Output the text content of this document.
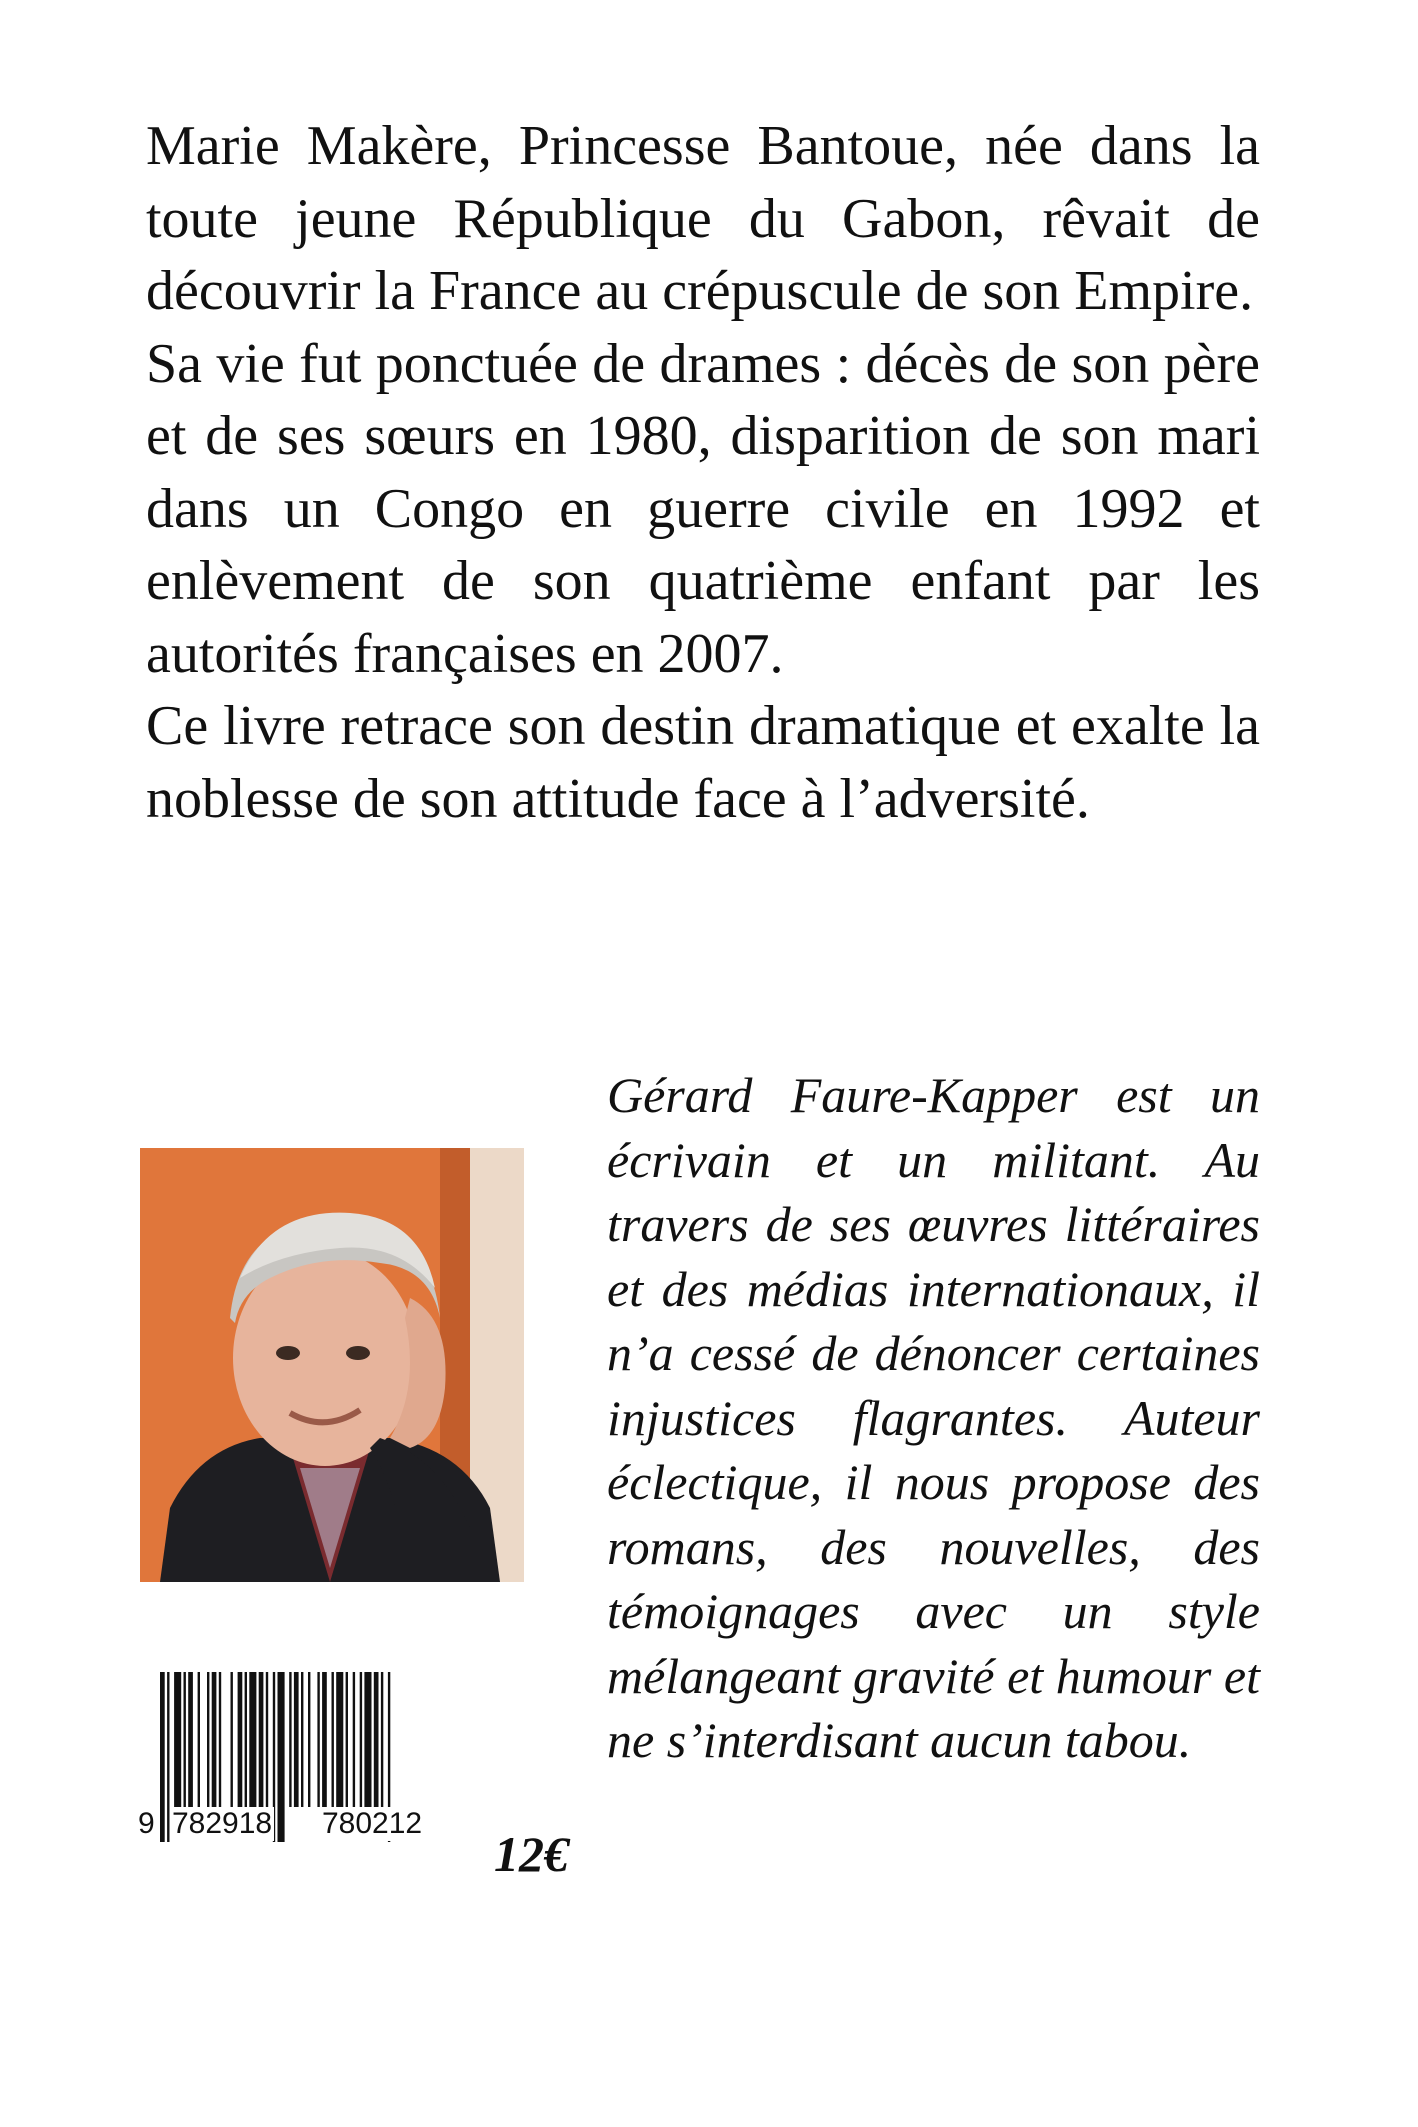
Marie Makère, Princesse Bantoue, née dans la toute jeune République du Gabon, rêvait de découvrir la France au crépuscule de son Empire.

Sa vie fut ponctuée de drames : décès de son père et de ses sœurs en 1980, disparition de son mari dans un Congo en guerre civile en 1992 et enlèvement de son quatrième enfant par les autorités françaises en 2007.

Ce livre retrace son destin dramatique et exalte la noblesse de son attitude face à l’adversité.

Gérard Faure-Kapper est un écrivain et un militant. Au travers de ses œuvres littéraires et des médias internationaux, il n’a cessé de dénoncer certaines injustices flagrantes. Auteur éclectique, il nous propose des romans, des nouvelles, des témoignages avec un style mélangeant gravité et humour et ne s’interdisant aucun tabou.

9 782918 780212
12€
